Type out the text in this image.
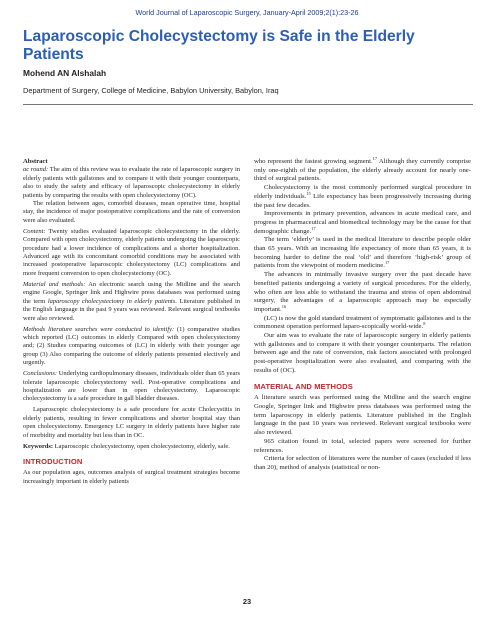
World Journal of Laparoscopic Surgery, January-April 2009;2(1):23-26
Laparoscopic Cholecystectomy is Safe in the Elderly Patients
Mohend AN Alshalah
Department of Surgery, College of Medicine, Babylon University, Babylon, Iraq

Abstract

ac round: The aim of this review was to evaluate the rate of laparoscopic surgery in elderly patients with gallstones and to compare it with their younger counterparts, also to study the safety and efficacy of laparoscopic cholecystectomy in elderly patients by comparing the results with open cholecystectomy (OC).

The relation between ages, comorbid diseases, mean operative time, hospital stay, the incidence of major postoperative complications and the rate of conversion were also evaluated.

Content: Twenty studies evaluated laparoscopic cholecystectomy in the elderly. Compared with open cholecystectomy, elderly patients undergoing the laparoscopic procedure had a lower incidence of complications and a shorter hospitalization. Advanced age with its concomitant comorbid conditions may be associated with increased postoperative laparoscopic cholecystectomy (LC) complications and more frequent conversion to open cholecystectomy (OC).

Material and methods: An electronic search using the Midline and the search engine Google, Springer link and Highwire press databases was performed using the term laparoscopy cholecystectomy in elderly patients. Literature published in the English language in the past 9 years was reviewed. Relevant surgical textbooks were also reviewed.

Methods literature searches were conducted to identify: (1) comparative studies which reported (LC) outcomes in elderly Compared with open cholecystectomy and; (2) Studies comparing outcomes of (LC) in elderly with their younger age group (3) Also comparing the outcome of elderly patients presented electively and urgently.

Conclusions: Underlying cardiopulmonary diseases, individuals older than 65 years tolerate laparoscopic cholecystectomy well. Post-operative complications and hospitalization are lower than in open cholecystectomy. Laparoscopic cholecystectomy is a safe procedure in gall bladder diseases.

Laparoscopic cholecystectomy is a safe procedure for acute Cholecystitis in elderly patients, resulting in fewer complications and shorter hospital stay than open cholecystectomy. Emergency LC surgery in elderly patients have higher rate of morbidity and mortality but less than in OC.

Keywords: Laparoscopic cholecystectomy, open cholecystectomy, elderly, safe.

INTRODUCTION

As our population ages, outcomes analysis of surgical treatment strategies become increasingly important in elderly patients

who represent the fastest growing segment.$^{17}$ Although they currently comprise only one-eighth of the population, the elderly already account for nearly one-third of surgical patients.

Cholecystectomy is the most commonly performed surgical procedure in elderly individuals.$^{15}$ Life expectancy has been progressively increasing during the past few decades.

Improvements in primary prevention, advances in acute medical care, and progress in pharmaceutical and biomedical technology may be the cause for that demographic change.$^{17}$

The term ‘elderly’ is used in the medical literature to describe people older than 65 years. With an increasing life expectancy of more than 65 years, it is becoming harder to define the real ‘old’ and therefore ‘high-risk’ group of patients from the viewpoint of modern medicine.$^{17}$

The advances in minimally invasive surgery over the past decade have benefited patients undergoing a variety of surgical procedures. For the elderly, who often are less able to withstand the trauma and stress of open abdominal surgery, the advantages of a laparoscopic approach may be especially important.$^{16}$

(LC) is now the gold standard treatment of symptomatic gallstones and is the commonest operation performed laparo-scopically world-wide.$^8$

Our aim was to evaluate the rate of laparoscopic surgery in elderly patients with gallstones and to compare it with their younger counterparts. The relation between age and the rate of conversion, risk factors associated with prolonged post-operative hospitalization were also evaluated, and comparing with the results of (OC).

MATERIAL AND METHODS

A literature search was performed using the Midline and the search engine Google, Springer link and Highwire press databases was performed using the term laparoscopy in elderly patients. Literature published in the English language in the past 10 years was reviewed. Relevant surgical textbooks were also reviewed.

965 citation found in total, selected papers were screened for further references.

Criteria for selection of literatures were the number of cases (excluded if less than 20), method of analysis (statistical or non-

23
